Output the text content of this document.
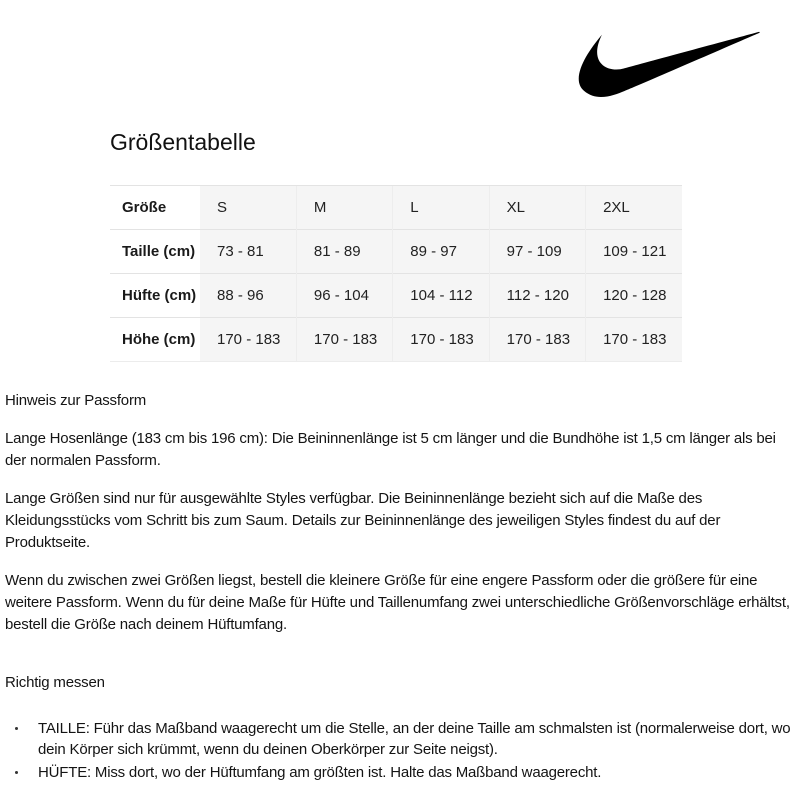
Größentabelle
Größe	S	M	L	XL	2XL
Taille (cm)	73 - 81	81 - 89	89 - 97	97 - 109	109 - 121
Hüfte (cm)	88 - 96	96 - 104	104 - 112	112 - 120	120 - 128
Höhe (cm)	170 - 183	170 - 183	170 - 183	170 - 183	170 - 183
Hinweis zur Passform

Lange Hosenlänge (183 cm bis 196 cm): Die Beininnenlänge ist 5 cm länger und die Bundhöhe ist 1,5 cm länger als bei der normalen Passform.

Lange Größen sind nur für ausgewählte Styles verfügbar. Die Beininnenlänge bezieht sich auf die Maße des Kleidungsstücks vom Schritt bis zum Saum. Details zur Beininnenlänge des jeweiligen Styles findest du auf der Produktseite.

Wenn du zwischen zwei Größen liegst, bestell die kleinere Größe für eine engere Passform oder die größere für eine weitere Passform. Wenn du für deine Maße für Hüfte und Taillenumfang zwei unterschiedliche Größenvorschläge erhältst, bestell die Größe nach deinem Hüftumfang.

Richtig messen
TAILLE: Führ das Maßband waagerecht um die Stelle, an der deine Taille am schmalsten ist (normalerweise dort, wo dein Körper sich krümmt, wenn du deinen Oberkörper zur Seite neigst).
HÜFTE: Miss dort, wo der Hüftumfang am größten ist. Halte das Maßband waagerecht.
